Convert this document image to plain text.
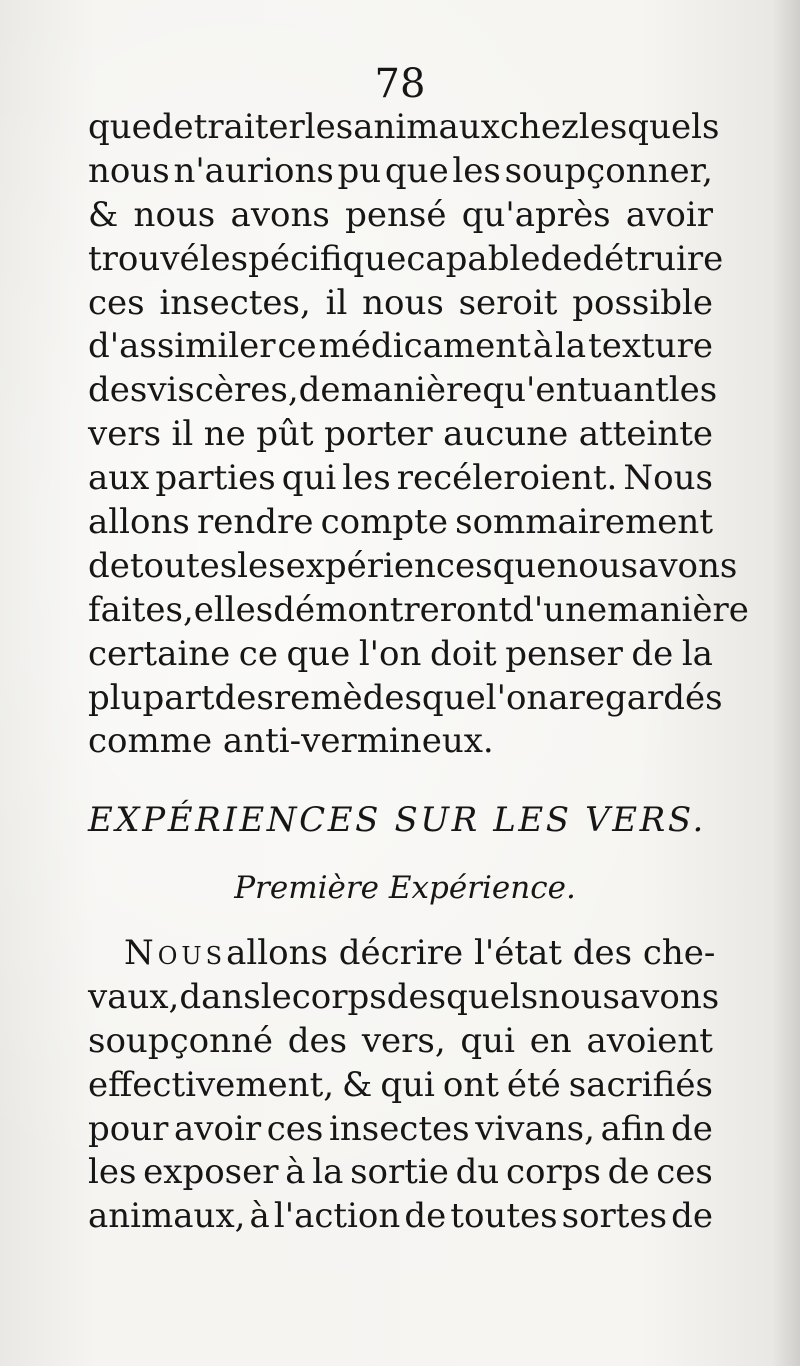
78
que de traiter les animaux chez lesquels
nous n'aurions pu que les soupçonner,
& nous avons pensé qu'après avoir
trouvé le spécifique capable de détruire
ces insectes, il nous seroit possible
d'assimiler ce médicament à la texture
des viscères, de manière qu'en tuant les
vers il ne pût porter aucune atteinte
aux parties qui les recéleroient. Nous
allons rendre compte sommairement
de toutes les expériences que nous avons
faites, elles démontreront d'une manière
certaine ce que l'on doit penser de la
plupart des remèdes que l'on a regardés
comme anti-vermineux.
EXPÉRIENCES SUR LES VERS.
Première Expérience.
Nous allons décrire l'état des che-
vaux, dans le corps desquels nous avons
soupçonné des vers, qui en avoient
effectivement, & qui ont été sacrifiés
pour avoir ces insectes vivans, afin de
les exposer à la sortie du corps de ces
animaux, à l'action de toutes sortes de
